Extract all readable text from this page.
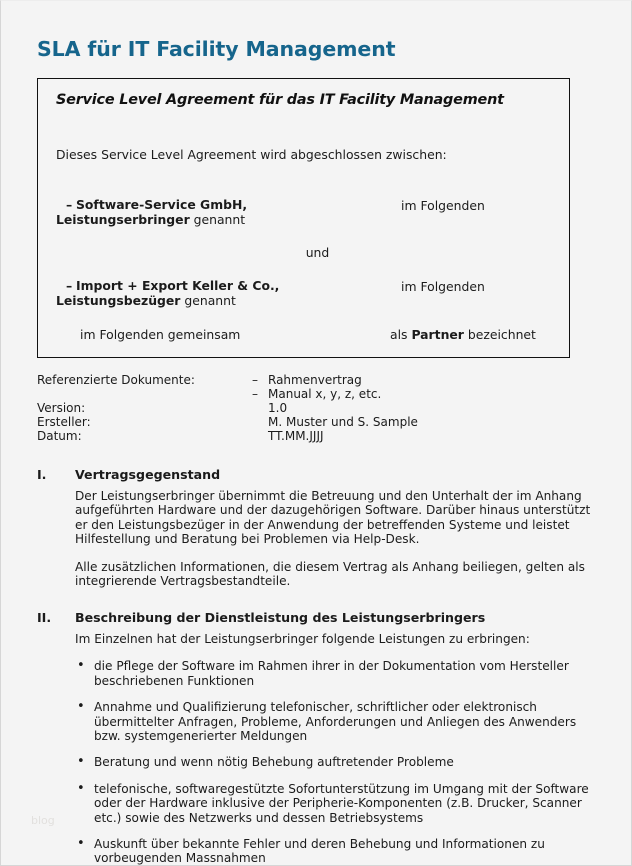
SLA für IT Facility Management
Service Level Agreement für das IT Facility Management
Dieses Service Level Agreement wird abgeschlossen zwischen:
– Software-Service GmbH,
Leistungserbringer genannt
im Folgenden
und
– Import + Export Keller & Co.,
Leistungsbezüger genannt
im Folgenden
im Folgenden gemeinsam	als Partner bezeichnet
Referenzierte Dokumente:	– Rahmenvertrag
– Manual x, y, z, etc.
Version:	1.0
Ersteller:	M. Muster und S. Sample
Datum:	TT.MM.JJJJ
I.	Vertragsgegenstand

Der Leistungserbringer übernimmt die Betreuung und den Unterhalt der im Anhang aufgeführten Hardware und der dazugehörigen Software. Darüber hinaus unterstützt er den Leistungsbezüger in der Anwendung der betreffenden Systeme und leistet Hilfestellung und Beratung bei Problemen via Help-Desk.

Alle zusätzlichen Informationen, die diesem Vertrag als Anhang beiliegen, gelten als integrierende Vertragsbestandteile.

II.	Beschreibung der Dienstleistung des Leistungserbringers

Im Einzelnen hat der Leistungserbringer folgende Leistungen zu erbringen:

• die Pflege der Software im Rahmen ihrer in der Dokumentation vom Hersteller beschriebenen Funktionen
• Annahme und Qualifizierung telefonischer, schriftlicher oder elektronisch übermittelter Anfragen, Probleme, Anforderungen und Anliegen des Anwenders bzw. systemgenerierter Meldungen
• Beratung und wenn nötig Behebung auftretender Probleme
• telefonische, softwaregestützte Sofortunterstützung im Umgang mit der Software oder der Hardware inklusive der Peripherie-Komponenten (z.B. Drucker, Scanner etc.) sowie des Netzwerks und dessen Betriebsystems
• Auskunft über bekannte Fehler und deren Behebung und Informationen zu vorbeugenden Massnahmen
blog
